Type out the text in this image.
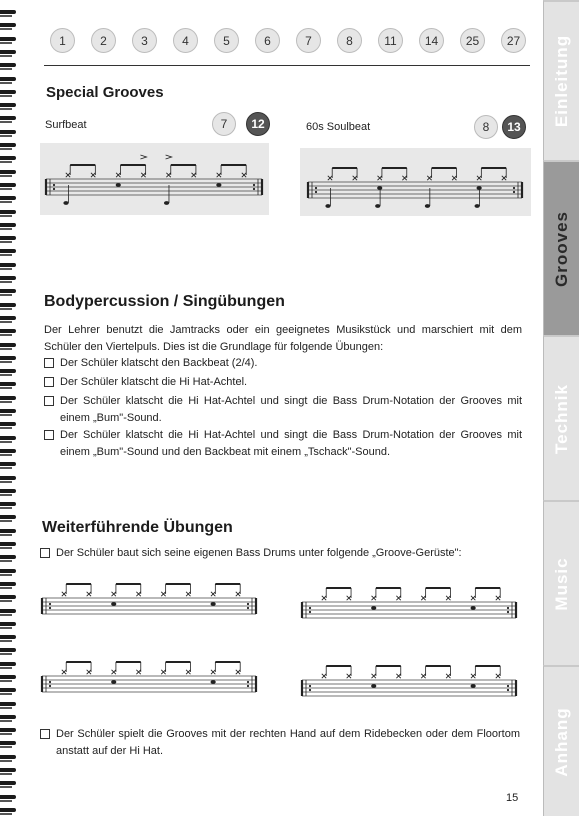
Einleitung
Grooves
Technik
Music
Anhang
1	2	3	4	5	6	7	8	11	14	25	27
Special Grooves
Surfbeat	7	12	60s Soulbeat	8	13
Bodypercussion / Singübungen
Der Lehrer benutzt die Jamtracks oder ein geeignetes Musikstück und marschiert mit dem Schüler den Viertelpuls. Dies ist die Grundlage für folgende Übungen:
Der Schüler klatscht den Backbeat (2/4).
Der Schüler klatscht die Hi Hat-Achtel.
Der Schüler klatscht die Hi Hat-Achtel und singt die Bass Drum-Notation der Grooves mit einem „Bum"-Sound.
Der Schüler klatscht die Hi Hat-Achtel und singt die Bass Drum-Notation der Grooves mit einem „Bum"-Sound und den Backbeat mit einem „Tschack"-Sound.
Weiterführende Übungen
Der Schüler baut sich seine eigenen Bass Drums unter folgende „Groove-Gerüste":
Der Schüler spielt die Grooves mit der rechten Hand auf dem Ridebecken oder dem Floortom anstatt auf der Hi Hat.
15
